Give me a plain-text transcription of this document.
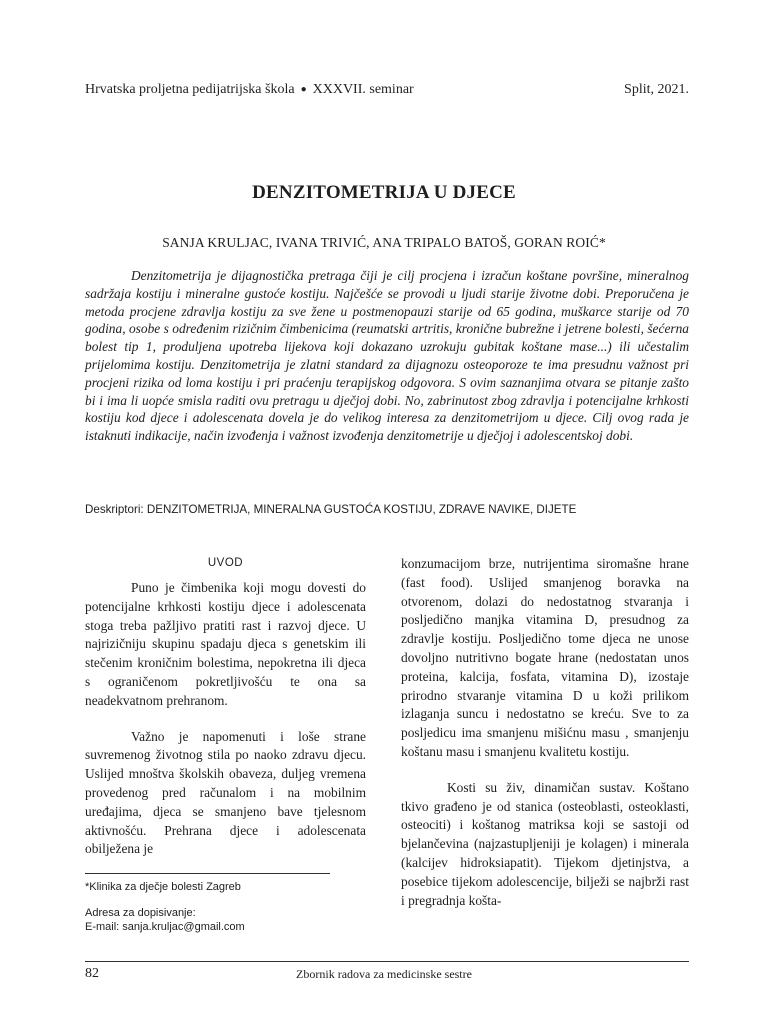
Hrvatska proljetna pedijatrijska škola ● XXXVII. seminar	Split, 2021.
DENZITOMETRIJA U DJECE
SANJA KRULJAC, IVANA TRIVIĆ, ANA TRIPALO BATOŠ, GORAN ROIĆ*

Denzitometrija je dijagnostička pretraga čiji je cilj procjena i izračun koštane površine, mineralnog sadržaja kostiju i mineralne gustoće kostiju. Najčešće se provodi u ljudi starije životne dobi. Preporučena je metoda procjene zdravlja kostiju za sve žene u postmenopauzi starije od 65 godina, muškarce starije od 70 godina, osobe s određenim rizičnim čimbenicima (reumatski artritis, kronične bubrežne i jetrene bolesti, šećerna bolest tip 1, produljena upotreba lijekova koji dokazano uzrokuju gubitak koštane mase...) ili učestalim prijelomima kostiju. Denzitometrija je zlatni standard za dijagnozu osteoporoze te ima presudnu važnost pri procjeni rizika od loma kostiju i pri praćenju terapijskog odgovora. S ovim saznanjima otvara se pitanje zašto bi i ima li uopće smisla raditi ovu pretragu u dječjoj dobi. No, zabrinutost zbog zdravlja i potencijalne krhkosti kostiju kod djece i adolescenata dovela je do velikog interesa za denzitometrijom u djece. Cilj ovog rada je istaknuti indikacije, način izvođenja i važnost izvođenja denzitometrije u dječjoj i adolescentskoj dobi.

Deskriptori: DENZITOMETRIJA, MINERALNA GUSTOĆA KOSTIJU, ZDRAVE NAVIKE, DIJETE
UVOD

Puno je čimbenika koji mogu dovesti do potencijalne krhkosti kostiju djece i adolescenata stoga treba pažljivo pratiti rast i razvoj djece. U najrizičniju skupinu spadaju djeca s genetskim ili stečenim kroničnim bolestima, nepokretna ili djeca s ograničenom pokretljivošću te ona sa neadekvatnom prehranom.

Važno je napomenuti i loše strane suvremenog životnog stila po naoko zdravu djecu. Uslijed mnoštva školskih obaveza, duljeg vremena provedenog pred računalom i na mobilnim uređajima, djeca se smanjeno bave tjelesnom aktivnošću. Prehrana djece i adolescenata obilježena je

konzumacijom brze, nutrijentima siromašne hrane (fast food). Uslijed smanjenog boravka na otvorenom, dolazi do nedostatnog stvaranja i posljedično manjka vitamina D, presudnog za zdravlje kostiju. Posljedično tome djeca ne unose dovoljno nutritivno bogate hrane (nedostatan unos proteina, kalcija, fosfata, vitamina D), izostaje prirodno stvaranje vitamina D u koži prilikom izlaganja suncu i nedostatno se kreću. Sve to za posljedicu ima smanjenu mišićnu masu , smanjenju koštanu masu i smanjenu kvalitetu kostiju.

Kosti su živ, dinamičan sustav. Koštano tkivo građeno je od stanica (osteoblasti, osteoklasti, osteociti) i koštanog matriksa koji se sastoji od bjelančevina (najzastupljeniji je kolagen) i minerala (kalcijev hidroksiapatit). Tijekom djetinjstva, a posebice tijekom adolescencije, bilježi se najbrži rast i pregradnja košta-

*Klinika za dječje bolesti Zagreb
Adresa za dopisivanje:
E-mail: sanja.kruljac@gmail.com
82	Zbornik radova za medicinske sestre
